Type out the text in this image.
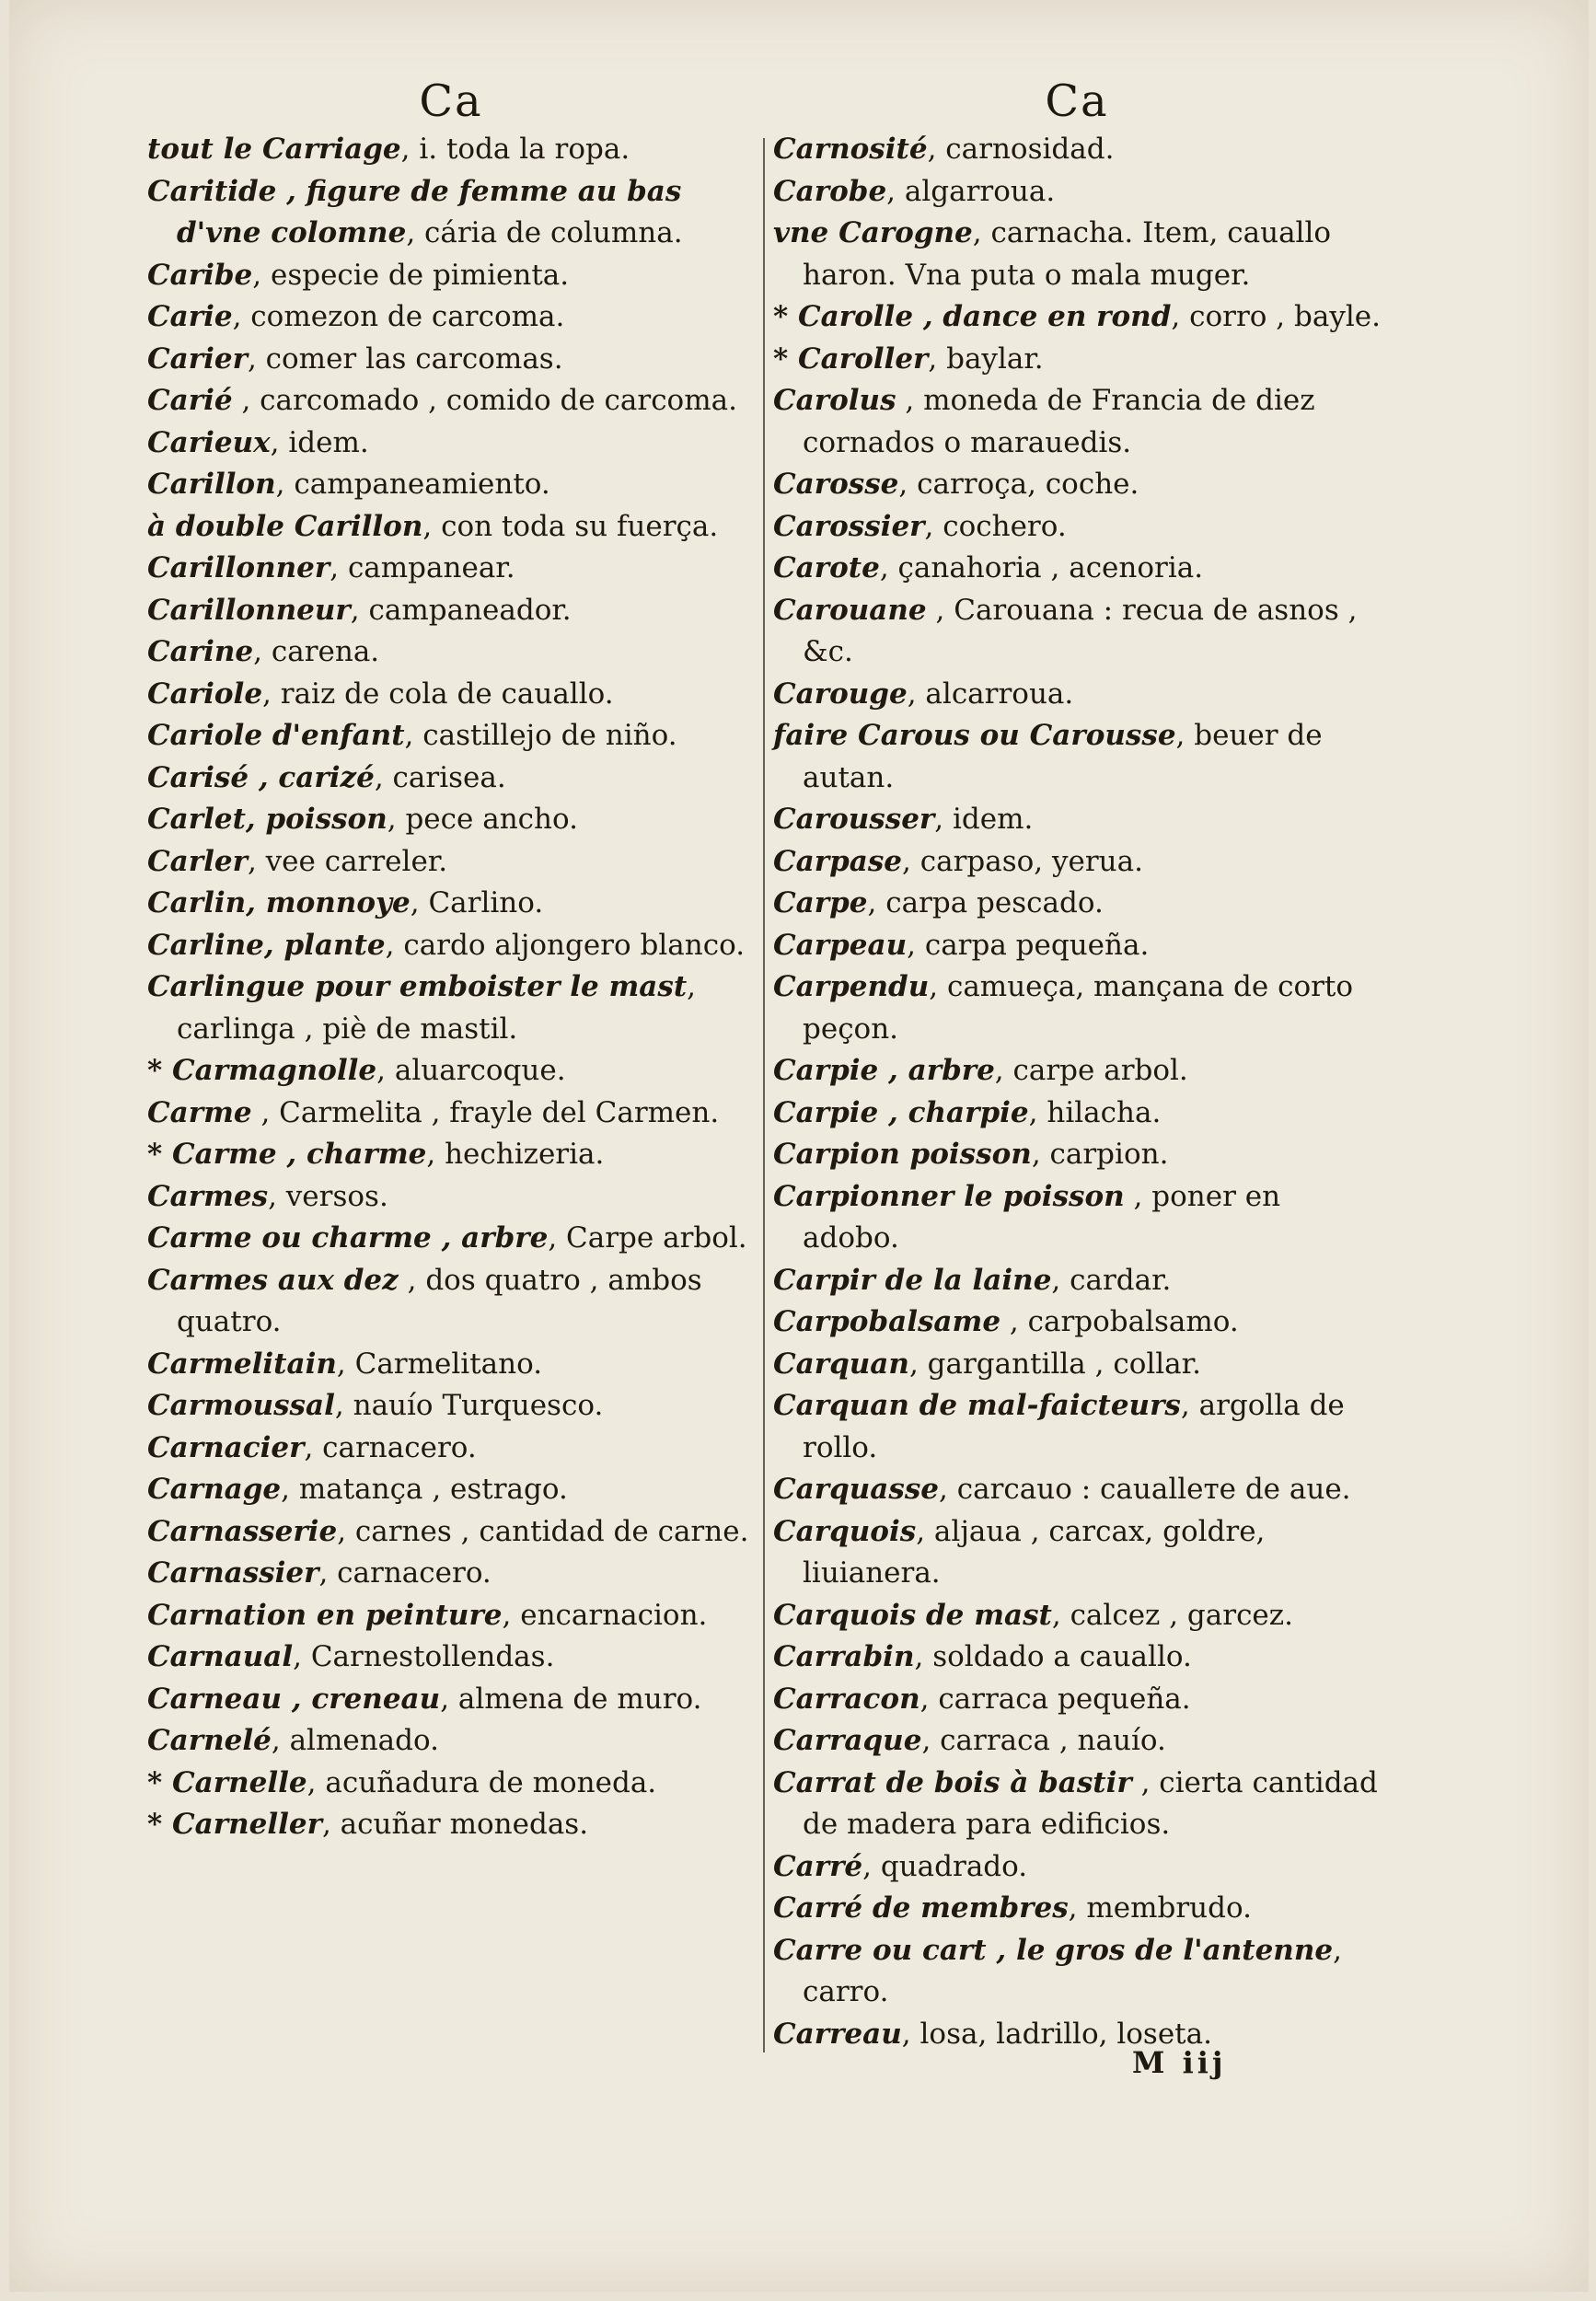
Ca
tout le Carriage, i. toda la ropa.
Caritide , figure de femme au bas d'vne colomne, cária de columna.
Caribe, especie de pimienta.
Carie, comezon de carcoma.
Carier, comer las carcomas.
Carié , carcomado , comido de carcoma.
Carieux, idem.
Carillon, campaneamiento.
à double Carillon, con toda su fuerça.
Carillonner, campanear.
Carillonneur, campaneador.
Carine, carena.
Cariole, raiz de cola de cauallo.
Cariole d'enfant, castillejo de niño.
Carisé , carizé, carisea.
Carlet, poisson, pece ancho.
Carler, vee carreler.
Carlin, monnoye, Carlino.
Carline, plante, cardo aljongero blanco.
Carlingue pour emboister le mast, carlinga , piè de mastil.
* Carmagnolle, aluarcoque.
Carme , Carmelita , frayle del Carmen.
* Carme , charme, hechizeria.
Carmes, versos.
Carme ou charme , arbre, Carpe arbol.
Carmes aux dez , dos quatro , ambos quatro.
Carmelitain, Carmelitano.
Carmoussal, nauío Turquesco.
Carnacier, carnacero.
Carnage, matança , estrago.
Carnasserie, carnes , cantidad de carne.
Carnassier, carnacero.
Carnation en peinture, encarnacion.
Carnaual, Carnestollendas.
Carneau , creneau, almena de muro.
Carnelé, almenado.
* Carnelle, acuñadura de moneda.
* Carneller, acuñar monedas.
Ca
Carnosité, carnosidad.
Carobe, algarroua.
vne Carogne, carnacha. Item, cauallo haron. Vna puta o mala muger.
* Carolle , dance en rond, corro , bayle.
* Caroller, baylar.
Carolus , moneda de Francia de diez cornados o marauedis.
Carosse, carroça, coche.
Carossier, cochero.
Carote, çanahoria , acenoria.
Carouane , Carouana : recua de asnos , &c.
Carouge, alcarroua.
faire Carous ou Carousse, beuer de autan.
Carousser, idem.
Carpase, carpaso, yerua.
Carpe, carpa pescado.
Carpeau, carpa pequeña.
Carpendu, camueça, mançana de corto peçon.
Carpie , arbre, carpe arbol.
Carpie , charpie, hilacha.
Carpion poisson, carpion.
Carpionner le poisson , poner en adobo.
Carpir de la laine, cardar.
Carpobalsame , carpobalsamo.
Carquan, gargantilla , collar.
Carquan de mal-faicteurs, argolla de rollo.
Carquasse, carcauo : caualleте de aue.
Carquois, aljaua , carcax, goldre, liuianera.
Carquois de mast, calcez , garcez.
Carrabin, soldado a cauallo.
Carracon, carraca pequeña.
Carraque, carraca , nauío.
Carrat de bois à bastir , cierta cantidad de madera para edificios.
Carré, quadrado.
Carré de membres, membrudo.
Carre ou cart , le gros de l'antenne, carro.
Carreau, losa, ladrillo, loseta.
M iij
